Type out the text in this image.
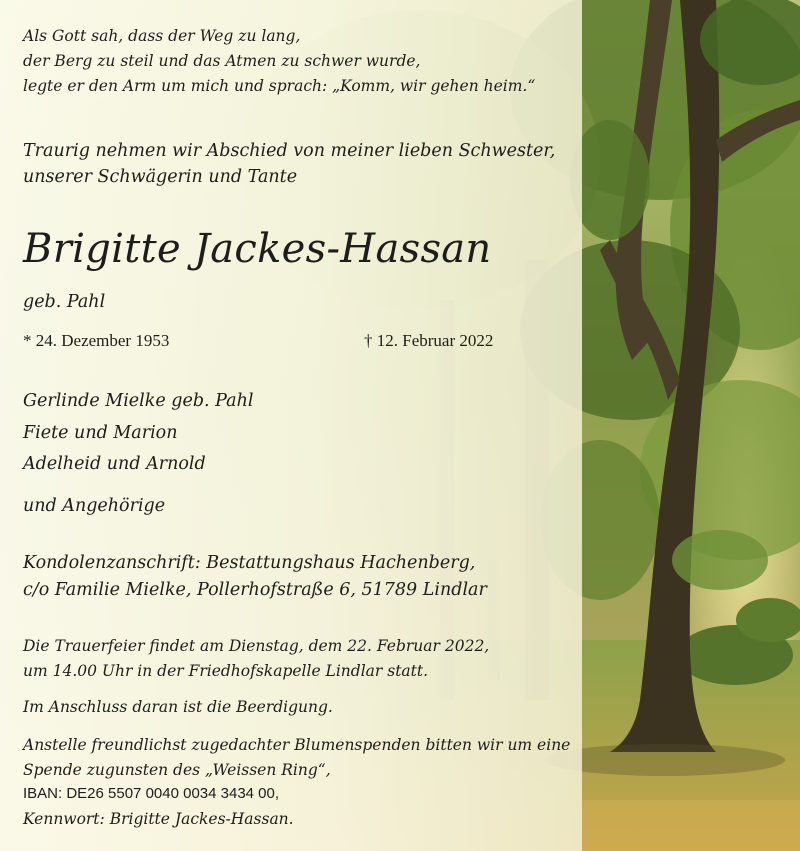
Als Gott sah, dass der Weg zu lang,
der Berg zu steil und das Atmen zu schwer wurde,
legte er den Arm um mich und sprach: „Komm, wir gehen heim.“
Traurig nehmen wir Abschied von meiner lieben Schwester,
unserer Schwägerin und Tante
Brigitte Jackes-Hassan
geb. Pahl
* 24. Dezember 1953	† 12. Februar 2022
Gerlinde Mielke geb. Pahl
Fiete und Marion
Adelheid und Arnold
und Angehörige
Kondolenzanschrift: Bestattungshaus Hachenberg,
c/o Familie Mielke, Pollerhofstraße 6, 51789 Lindlar
Die Trauerfeier findet am Dienstag, dem 22. Februar 2022,
um 14.00 Uhr in der Friedhofskapelle Lindlar statt.
Im Anschluss daran ist die Beerdigung.
Anstelle freundlichst zugedachter Blumenspenden bitten wir um eine
Spende zugunsten des „Weissen Ring“,
IBAN: DE26 5507 0040 0034 3434 00,
Kennwort: Brigitte Jackes-Hassan.
